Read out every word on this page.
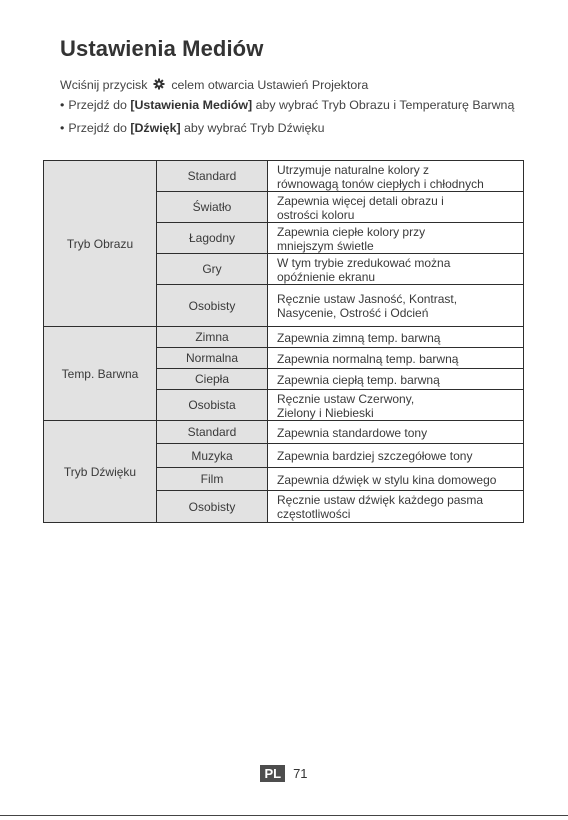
Ustawienia Mediów
Wciśnij przycisk celem otwarcia Ustawień Projektora
• Przejdź do [Ustawienia Mediów] aby wybrać Tryb Obrazu i Temperaturę Barwną
• Przejdź do [Dźwięk] aby wybrać Tryb Dźwięku
Tryb Obrazu	Standard	Utrzymuje naturalne kolory z
równowagą tonów ciepłych i chłodnych
	Światło	Zapewnia więcej detali obrazu i
ostrości koloru
	Łagodny	Zapewnia ciepłe kolory przy
mniejszym świetle
	Gry	W tym trybie zredukować można
opóźnienie ekranu
	Osobisty	Ręcznie ustaw Jasność, Kontrast,
Nasycenie, Ostrość i Odcień
Temp. Barwna	Zimna	Zapewnia zimną temp. barwną
	Normalna	Zapewnia normalną temp. barwną
	Ciepła	Zapewnia ciepłą temp. barwną
	Osobista	Ręcznie ustaw Czerwony,
Zielony i Niebieski
Tryb Dźwięku	Standard	Zapewnia standardowe tony
	Muzyka	Zapewnia bardziej szczegółowe tony
	Film	Zapewnia dźwięk w stylu kina domowego
	Osobisty	Ręcznie ustaw dźwięk każdego pasma
częstotliwości
PL 71
